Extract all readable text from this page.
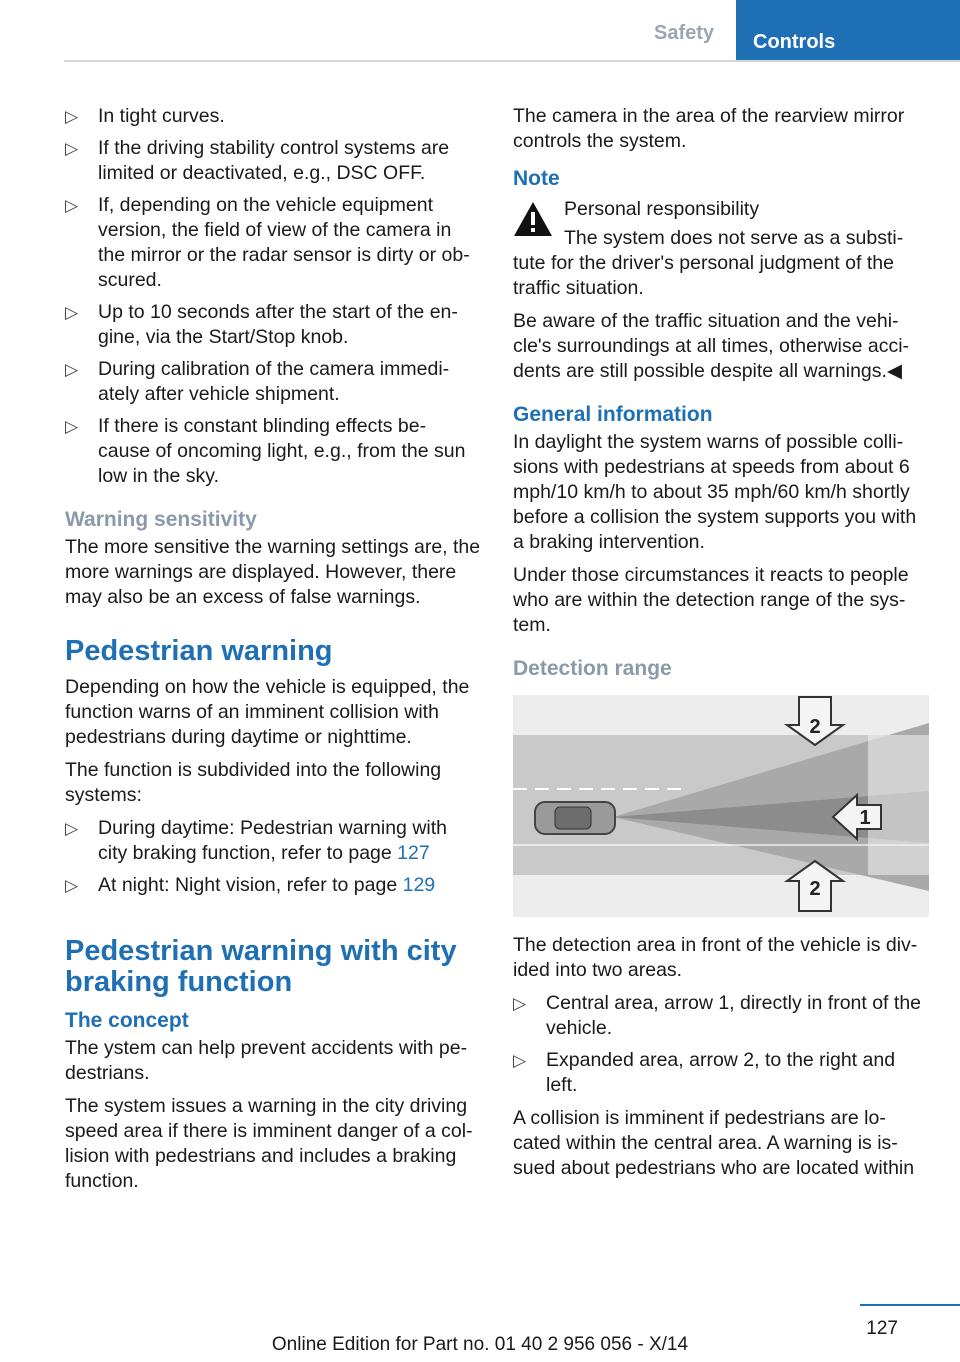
Safety	Controls
▷ In tight curves.
▷ If the driving stability control systems are limited or deactivated, e.g., DSC OFF.
▷ If, depending on the vehicle equipment version, the field of view of the camera in the mirror or the radar sensor is dirty or ob‐ scured.
▷ Up to 10 seconds after the start of the en‐ gine, via the Start/Stop knob.
▷ During calibration of the camera immedi‐ ately after vehicle shipment.
▷ If there is constant blinding effects be‐ cause of oncoming light, e.g., from the sun low in the sky.
Warning sensitivity

The more sensitive the warning settings are, the more warnings are displayed. However, there may also be an excess of false warnings.

Pedestrian warning

Depending on how the vehicle is equipped, the function warns of an imminent collision with pedestrians during daytime or nighttime.

The function is subdivided into the following systems:

▷ During daytime: Pedestrian warning with city braking function, refer to page 127
▷ At night: Night vision, refer to page 129
Pedestrian warning with city braking function
The concept

The ystem can help prevent accidents with pe‐ destrians.

The system issues a warning in the city driving speed area if there is imminent danger of a col‐ lision with pedestrians and includes a braking function.

The camera in the area of the rearview mirror controls the system.

Note
Personal responsibility

The system does not serve as a substi‐ tute for the driver's personal judgment of the traffic situation.

Be aware of the traffic situation and the vehi‐ cle's surroundings at all times, otherwise acci‐ dents are still possible despite all warnings.◀

General information

In daylight the system warns of possible colli‐ sions with pedestrians at speeds from about 6 mph/10 km/h to about 35 mph/60 km/h shortly before a collision the system supports you with a braking intervention.

Under those circumstances it reacts to people who are within the detection range of the sys‐ tem.

Detection range
2
1
2

The detection area in front of the vehicle is div‐ ided into two areas.

▷ Central area, arrow 1, directly in front of the vehicle.
▷ Expanded area, arrow 2, to the right and left.

A collision is imminent if pedestrians are lo‐ cated within the central area. A warning is is‐ sued about pedestrians who are located within

127
Online Edition for Part no. 01 40 2 956 056 - X/14
